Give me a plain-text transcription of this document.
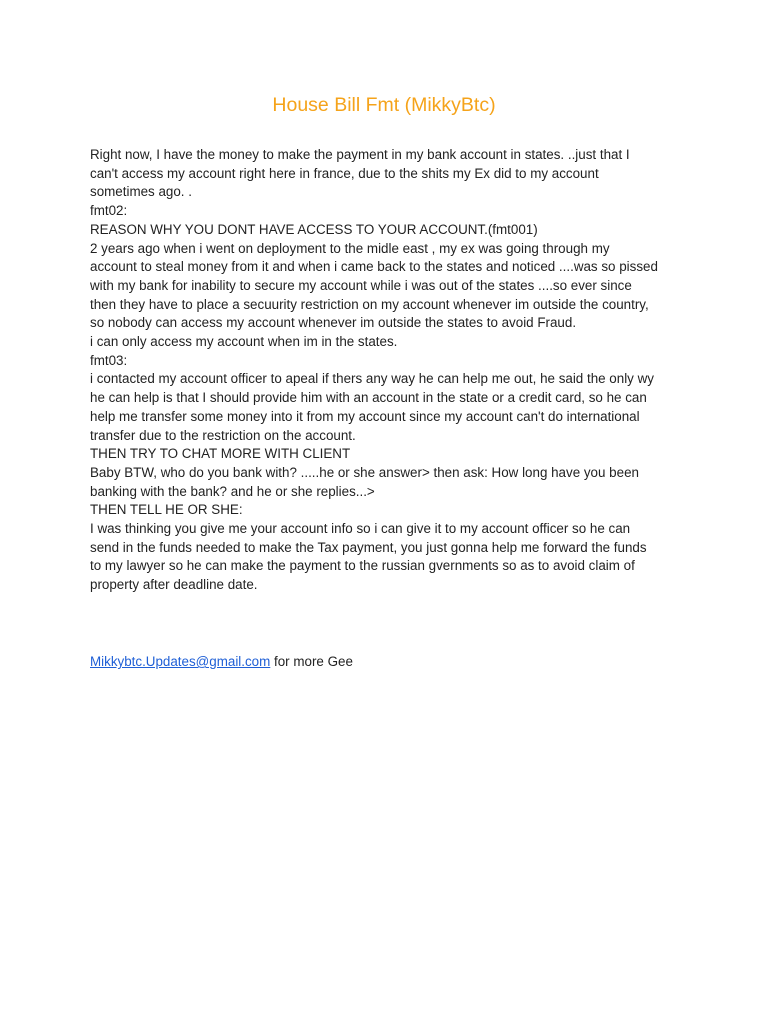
House Bill Fmt (MikkyBtc)

Right now, I have the money to make the payment in my bank account in states. ..just that I

can't access my account right here in france, due to the shits my Ex did to my account

sometimes ago. .

fmt02:

REASON WHY YOU DONT HAVE ACCESS TO YOUR ACCOUNT.(fmt001)

2 years ago when i went on deployment to the midle east , my ex was going through my

account to steal money from it and when i came back to the states and noticed ....was so pissed

with my bank for inability to secure my account while i was out of the states ....so ever since

then they have to place a secuurity restriction on my account whenever im outside the country,

so nobody can access my account whenever im outside the states to avoid Fraud.

i can only access my account when im in the states.

fmt03:

i contacted my account officer to apeal if thers any way he can help me out, he said the only wy

he can help is that I should provide him with an account in the state or a credit card, so he can

help me transfer some money into it from my account since my account can't do international

transfer due to the restriction on the account.

THEN TRY TO CHAT MORE WITH CLIENT

Baby BTW, who do you bank with? .....he or she answer> then ask: How long have you been

banking with the bank? and he or she replies...>

THEN TELL HE OR SHE:

I was thinking you give me your account info so i can give it to my account officer so he can

send in the funds needed to make the Tax payment, you just gonna help me forward the funds

to my lawyer so he can make the payment to the russian gvernments so as to avoid claim of

property after deadline date.

Mikkybtc.Updates@gmail.com for more Gee
